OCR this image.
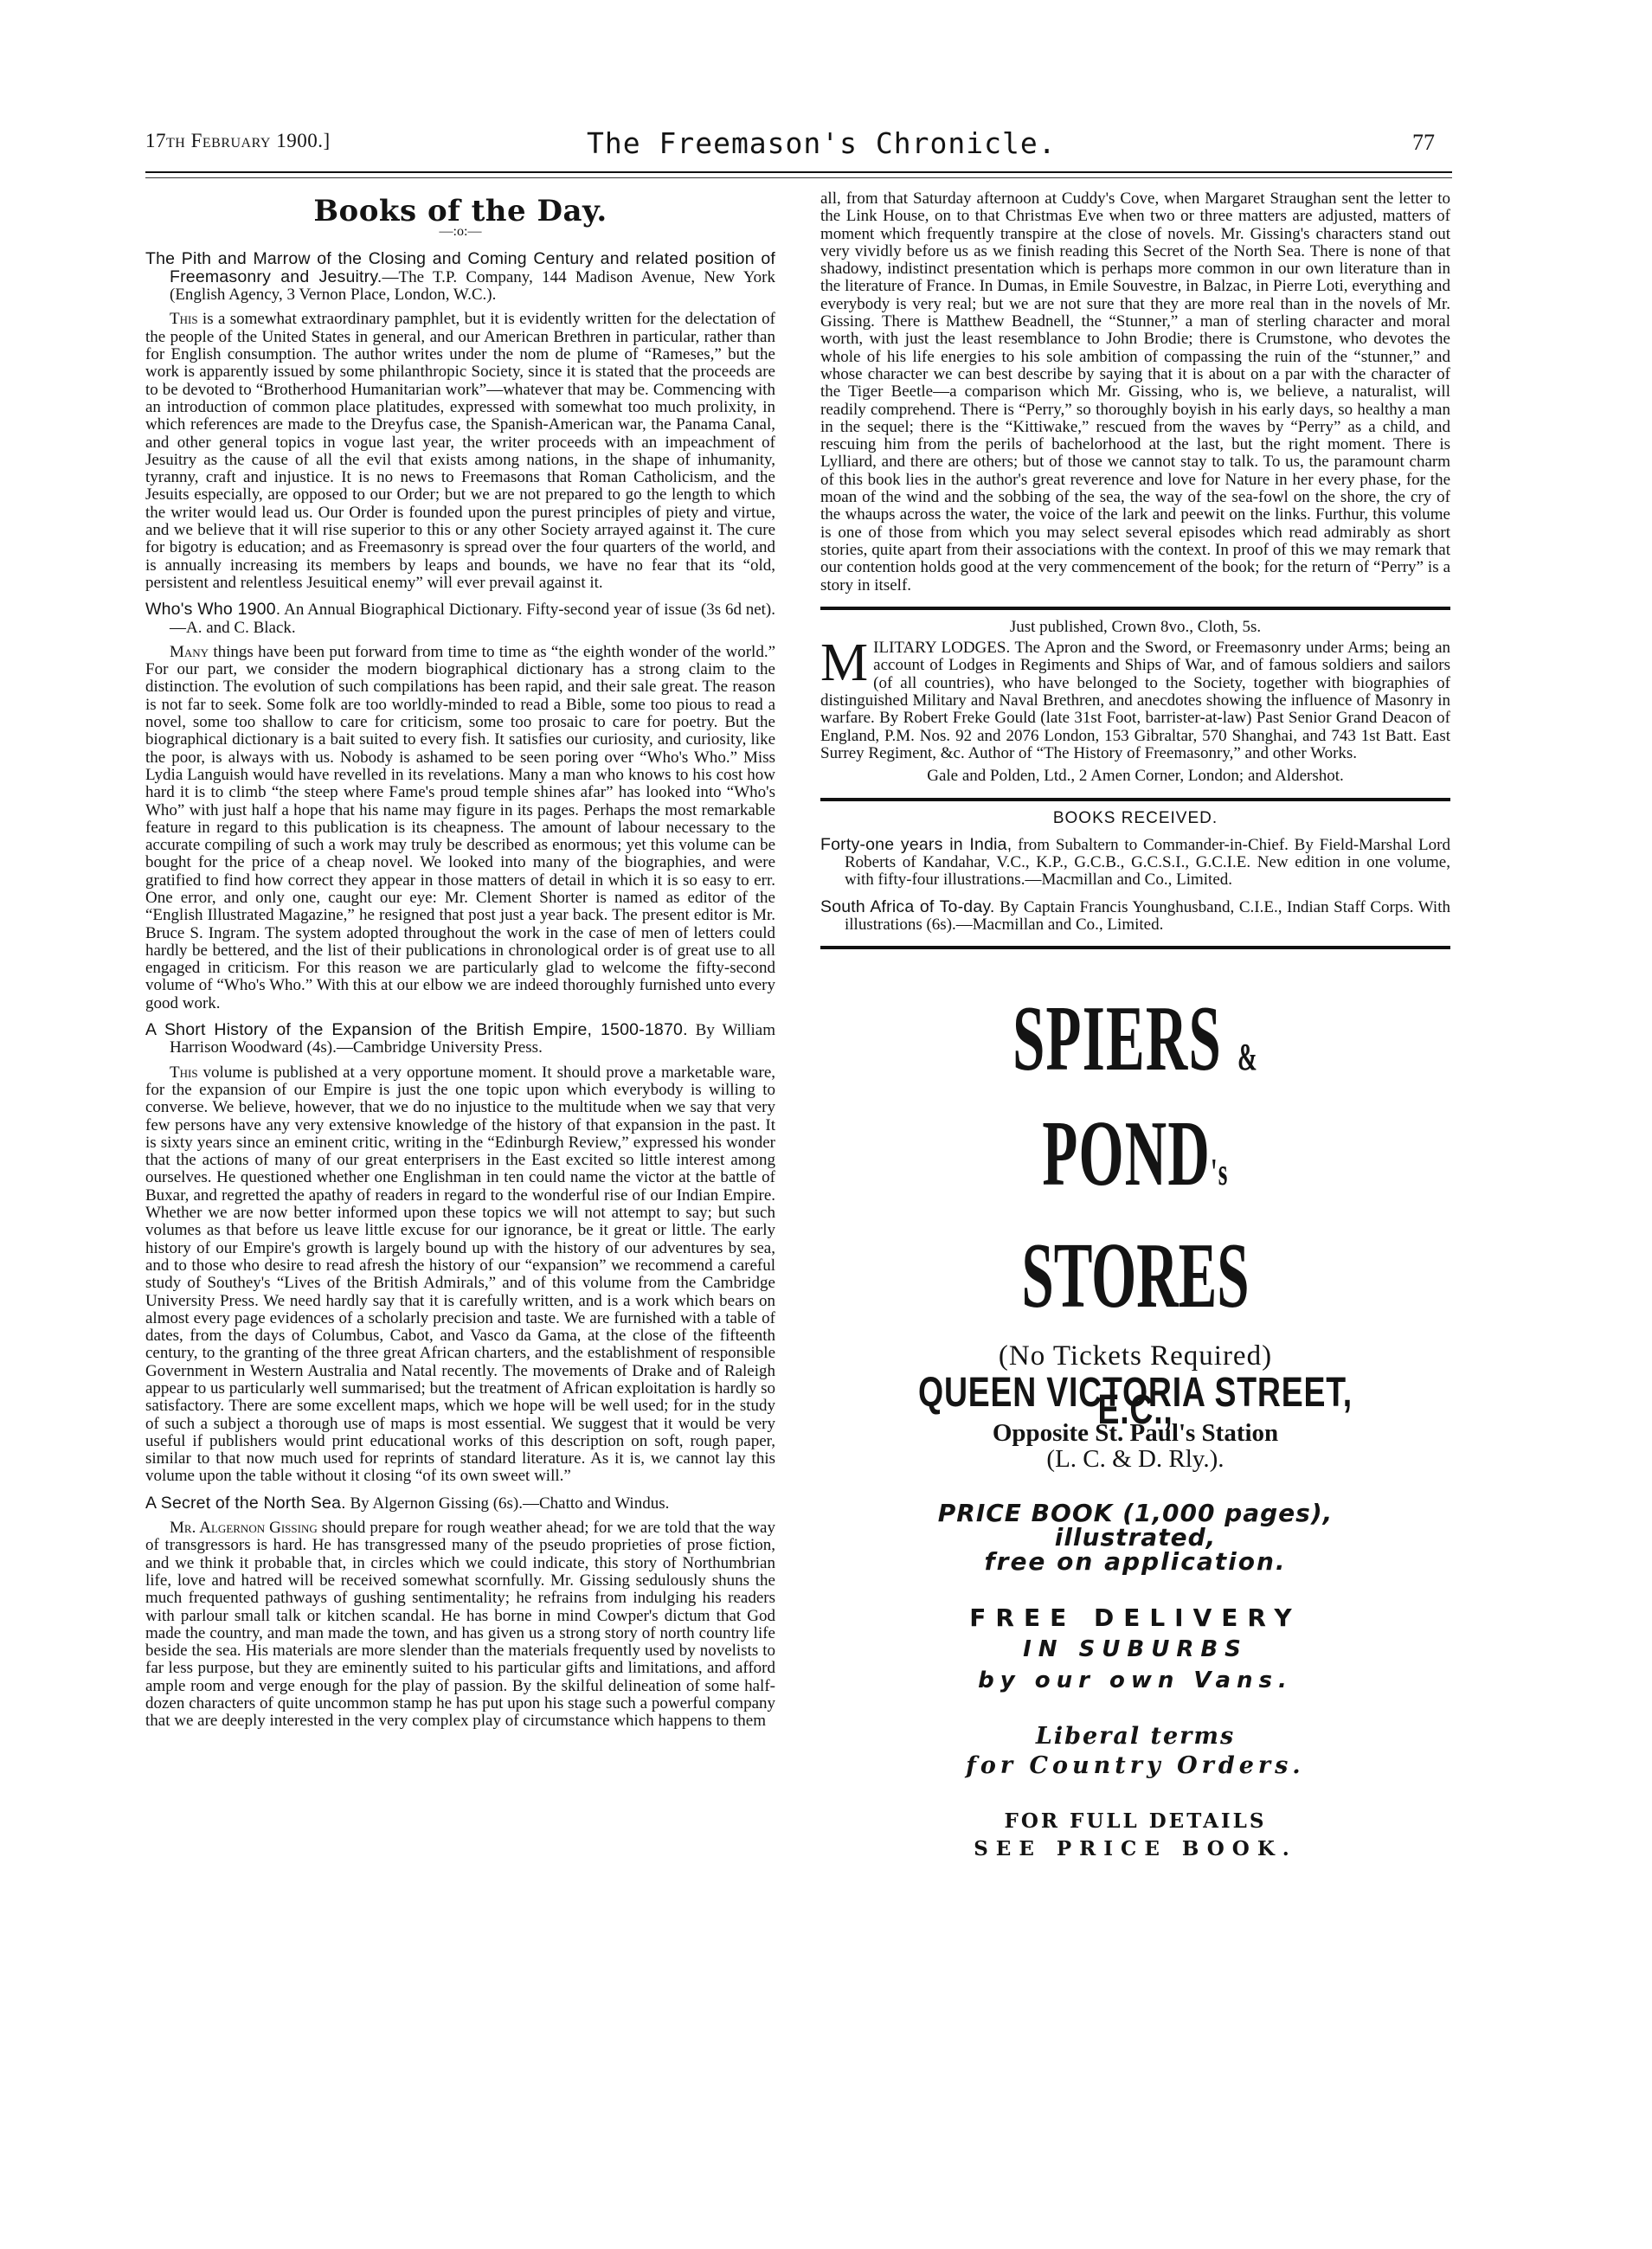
17th February 1900.]	The Freemason's Chronicle.	77
Books of the Day.
—:o:—
The Pith and Marrow of the Closing and Coming Century and related position of Freemasonry and Jesuitry.—The T.P. Company, 144 Madison Avenue, New York (English Agency, 3 Vernon Place, London, W.C.).

This is a somewhat extraordinary pamphlet, but it is evidently written for the delectation of the people of the United States in general, and our American Brethren in particular, rather than for English consumption. The author writes under the nom de plume of “Rameses,” but the work is apparently issued by some philanthropic Society, since it is stated that the proceeds are to be devoted to “Brotherhood Humanitarian work”—whatever that may be. Commencing with an introduction of common place platitudes, expressed with somewhat too much prolixity, in which references are made to the Dreyfus case, the Spanish-American war, the Panama Canal, and other general topics in vogue last year, the writer proceeds with an impeachment of Jesuitry as the cause of all the evil that exists among nations, in the shape of inhumanity, tyranny, craft and injustice. It is no news to Freemasons that Roman Catholicism, and the Jesuits especially, are opposed to our Order; but we are not prepared to go the length to which the writer would lead us. Our Order is founded upon the purest principles of piety and virtue, and we believe that it will rise superior to this or any other Society arrayed against it. The cure for bigotry is education; and as Freemasonry is spread over the four quarters of the world, and is annually increasing its members by leaps and bounds, we have no fear that its “old, persistent and relentless Jesuitical enemy” will ever prevail against it.

Who's Who 1900. An Annual Biographical Dictionary. Fifty-second year of issue (3s 6d net).—A. and C. Black.

Many things have been put forward from time to time as “the eighth wonder of the world.” For our part, we consider the modern biographical dictionary has a strong claim to the distinction. The evolution of such compilations has been rapid, and their sale great. The reason is not far to seek. Some folk are too worldly-minded to read a Bible, some too pious to read a novel, some too shallow to care for criticism, some too prosaic to care for poetry. But the biographical dictionary is a bait suited to every fish. It satisfies our curiosity, and curiosity, like the poor, is always with us. Nobody is ashamed to be seen poring over “Who's Who.” Miss Lydia Languish would have revelled in its revelations. Many a man who knows to his cost how hard it is to climb “the steep where Fame's proud temple shines afar” has looked into “Who's Who” with just half a hope that his name may figure in its pages. Perhaps the most remarkable feature in regard to this publication is its cheapness. The amount of labour necessary to the accurate compiling of such a work may truly be described as enormous; yet this volume can be bought for the price of a cheap novel. We looked into many of the biographies, and were gratified to find how correct they appear in those matters of detail in which it is so easy to err. One error, and only one, caught our eye: Mr. Clement Shorter is named as editor of the “English Illustrated Magazine,” he resigned that post just a year back. The present editor is Mr. Bruce S. Ingram. The system adopted throughout the work in the case of men of letters could hardly be bettered, and the list of their publications in chronological order is of great use to all engaged in criticism. For this reason we are particularly glad to welcome the fifty-second volume of “Who's Who.” With this at our elbow we are indeed thoroughly furnished unto every good work.

A Short History of the Expansion of the British Empire, 1500-1870. By William Harrison Woodward (4s).—Cambridge University Press.

This volume is published at a very opportune moment. It should prove a marketable ware, for the expansion of our Empire is just the one topic upon which everybody is willing to converse. We believe, however, that we do no injustice to the multitude when we say that very few persons have any very extensive knowledge of the history of that expansion in the past. It is sixty years since an eminent critic, writing in the “Edinburgh Review,” expressed his wonder that the actions of many of our great enterprisers in the East excited so little interest among ourselves. He questioned whether one Englishman in ten could name the victor at the battle of Buxar, and regretted the apathy of readers in regard to the wonderful rise of our Indian Empire. Whether we are now better informed upon these topics we will not attempt to say; but such volumes as that before us leave little excuse for our ignorance, be it great or little. The early history of our Empire's growth is largely bound up with the history of our adventures by sea, and to those who desire to read afresh the history of our “expansion” we recommend a careful study of Southey's “Lives of the British Admirals,” and of this volume from the Cambridge University Press. We need hardly say that it is carefully written, and is a work which bears on almost every page evidences of a scholarly precision and taste. We are furnished with a table of dates, from the days of Columbus, Cabot, and Vasco da Gama, at the close of the fifteenth century, to the granting of the three great African charters, and the establishment of responsible Government in Western Australia and Natal recently. The movements of Drake and of Raleigh appear to us particularly well summarised; but the treatment of African exploitation is hardly so satisfactory. There are some excellent maps, which we hope will be well used; for in the study of such a subject a thorough use of maps is most essential. We suggest that it would be very useful if publishers would print educational works of this description on soft, rough paper, similar to that now much used for reprints of standard literature. As it is, we cannot lay this volume upon the table without it closing “of its own sweet will.”

A Secret of the North Sea. By Algernon Gissing (6s).—Chatto and Windus.

Mr. Algernon Gissing should prepare for rough weather ahead; for we are told that the way of transgressors is hard. He has transgressed many of the pseudo proprieties of prose fiction, and we think it probable that, in circles which we could indicate, this story of Northumbrian life, love and hatred will be received somewhat scornfully. Mr. Gissing sedulously shuns the much frequented pathways of gushing sentimentality; he refrains from indulging his readers with parlour small talk or kitchen scandal. He has borne in mind Cowper's dictum that God made the country, and man made the town, and has given us a strong story of north country life beside the sea. His materials are more slender than the materials frequently used by novelists to far less purpose, but they are eminently suited to his particular gifts and limitations, and afford ample room and verge enough for the play of passion. By the skilful delineation of some half-dozen characters of quite uncommon stamp he has put upon his stage such a powerful company that we are deeply interested in the very complex play of circumstance which happens to them

all, from that Saturday afternoon at Cuddy's Cove, when Margaret Straughan sent the letter to the Link House, on to that Christmas Eve when two or three matters are adjusted, matters of moment which frequently transpire at the close of novels. Mr. Gissing's characters stand out very vividly before us as we finish reading this Secret of the North Sea. There is none of that shadowy, indistinct presentation which is perhaps more common in our own literature than in the literature of France. In Dumas, in Emile Souvestre, in Balzac, in Pierre Loti, everything and everybody is very real; but we are not sure that they are more real than in the novels of Mr. Gissing. There is Matthew Beadnell, the “Stunner,” a man of sterling character and moral worth, with just the least resemblance to John Brodie; there is Crumstone, who devotes the whole of his life energies to his sole ambition of compassing the ruin of the “stunner,” and whose character we can best describe by saying that it is about on a par with the character of the Tiger Beetle—a comparison which Mr. Gissing, who is, we believe, a naturalist, will readily comprehend. There is “Perry,” so thoroughly boyish in his early days, so healthy a man in the sequel; there is the “Kittiwake,” rescued from the waves by “Perry” as a child, and rescuing him from the perils of bachelorhood at the last, but the right moment. There is Lylliard, and there are others; but of those we cannot stay to talk. To us, the paramount charm of this book lies in the author's great reverence and love for Nature in her every phase, for the moan of the wind and the sobbing of the sea, the way of the sea-fowl on the shore, the cry of the whaups across the water, the voice of the lark and peewit on the links. Furthur, this volume is one of those from which you may select several episodes which read admirably as short stories, quite apart from their associations with the context. In proof of this we may remark that our contention holds good at the very commencement of the book; for the return of “Perry” is a story in itself.

Just published, Crown 8vo., Cloth, 5s.
MILITARY LODGES. The Apron and the Sword, or Freemasonry under Arms; being an account of Lodges in Regiments and Ships of War, and of famous soldiers and sailors (of all countries), who have belonged to the Society, together with biographies of distinguished Military and Naval Brethren, and anecdotes showing the influence of Masonry in warfare. By Robert Freke Gould (late 31st Foot, barrister-at-law) Past Senior Grand Deacon of England, P.M. Nos. 92 and 2076 London, 153 Gibraltar, 570 Shanghai, and 743 1st Batt. East Surrey Regiment, &c. Author of “The History of Freemasonry,” and other Works.
Gale and Polden, Ltd., 2 Amen Corner, London; and Aldershot.
BOOKS RECEIVED.
Forty-one years in India, from Subaltern to Commander-in-Chief. By Field-Marshal Lord Roberts of Kandahar, V.C., K.P., G.C.B., G.C.S.I., G.C.I.E. New edition in one volume, with fifty-four illustrations.—Macmillan and Co., Limited.
South Africa of To-day. By Captain Francis Younghusband, C.I.E., Indian Staff Corps. With illustrations (6s).—Macmillan and Co., Limited.
SPIERS & POND's
STORES
(No Tickets Required)
QUEEN VICTORIA STREET, E.C.,
Opposite St. Paul's Station
(L. C. & D. Rly.).
PRICE BOOK (1,000 pages),
illustrated,
free on application.
FREE DELIVERY
IN SUBURBS
by our own Vans.
Liberal terms
for Country Orders.
FOR FULL DETAILS
SEE PRICE BOOK.
